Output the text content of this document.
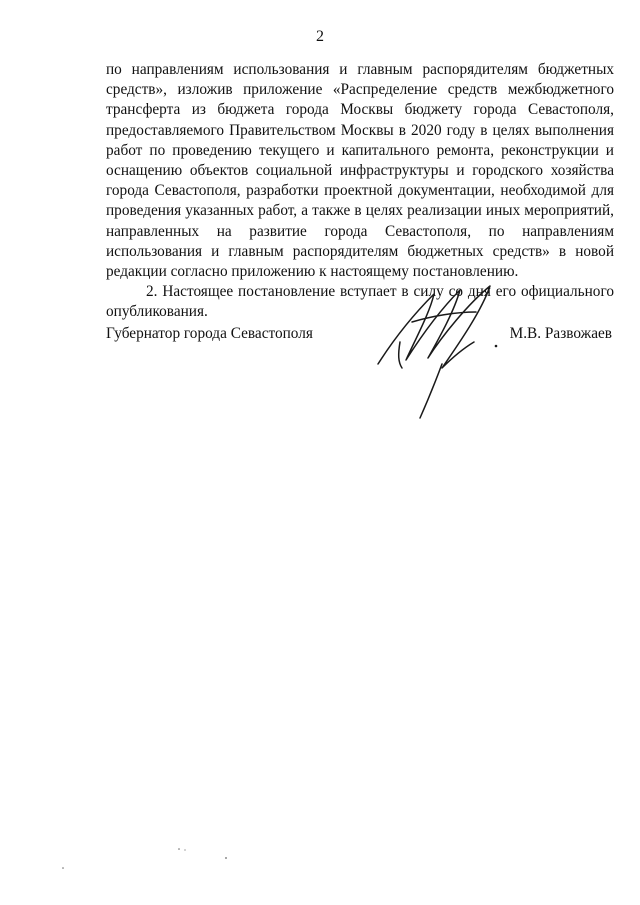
2

по направлениям использования и главным распорядителям бюджетных средств», изложив приложение «Распределение средств межбюджетного трансферта из бюджета города Москвы бюджету города Севастополя, предоставляемого Правительством Москвы в 2020 году в целях выполнения работ по проведению текущего и капитального ремонта, реконструкции и оснащению объектов социальной инфраструктуры и городского хозяйства города Севастополя, разработки проектной документации, необходимой для проведения указанных работ, а также в целях реализации иных мероприятий, направленных на развитие города Севастополя, по направлениям использования и главным распорядителям бюджетных средств» в новой редакции согласно приложению к настоящему постановлению.

2. Настоящее постановление вступает в силу со дня его официального опубликования.

Губернатор города Севастополя	М.В. Развожаев
